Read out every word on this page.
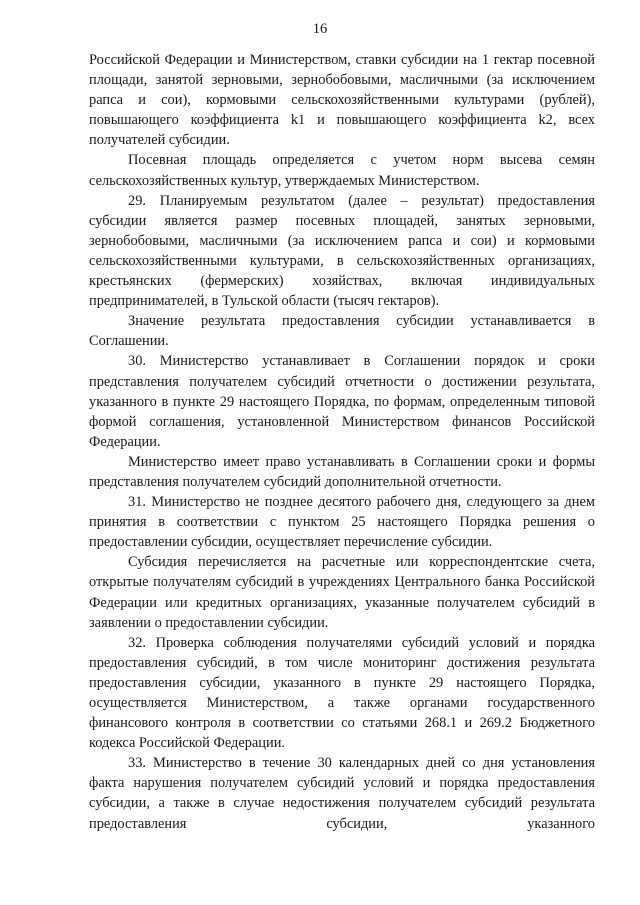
16

Российской Федерации и Министерством, ставки субсидии на 1 гектар посевной площади, занятой зерновыми, зернобобовыми, масличными (за исключением рапса и сои), кормовыми сельскохозяйственными культурами (рублей), повышающего коэффициента k1 и повышающего коэффициента k2, всех получателей субсидии.

Посевная площадь определяется с учетом норм высева семян сельскохозяйственных культур, утверждаемых Министерством.

29. Планируемым результатом (далее – результат) предоставления субсидии является размер посевных площадей, занятых зерновыми, зернобобовыми, масличными (за исключением рапса и сои) и кормовыми сельскохозяйственными культурами, в сельскохозяйственных организациях, крестьянских (фермерских) хозяйствах, включая индивидуальных предпринимателей, в Тульской области (тысяч гектаров).

Значение результата предоставления субсидии устанавливается в Соглашении.

30. Министерство устанавливает в Соглашении порядок и сроки представления получателем субсидий отчетности о достижении результата, указанного в пункте 29 настоящего Порядка, по формам, определенным типовой формой соглашения, установленной Министерством финансов Российской Федерации.

Министерство имеет право устанавливать в Соглашении сроки и формы представления получателем субсидий дополнительной отчетности.

31. Министерство не позднее десятого рабочего дня, следующего за днем принятия в соответствии с пунктом 25 настоящего Порядка решения о предоставлении субсидии, осуществляет перечисление субсидии.

Субсидия перечисляется на расчетные или корреспондентские счета, открытые получателям субсидий в учреждениях Центрального банка Российской Федерации или кредитных организациях, указанные получателем субсидий в заявлении о предоставлении субсидии.

32. Проверка соблюдения получателями субсидий условий и порядка предоставления субсидий, в том числе мониторинг достижения результата предоставления субсидии, указанного в пункте 29 настоящего Порядка, осуществляется Министерством, а также органами государственного финансового контроля в соответствии со статьями 268.1 и 269.2 Бюджетного кодекса Российской Федерации.

33. Министерство в течение 30 календарных дней со дня установления факта нарушения получателем субсидий условий и порядка предоставления субсидии, а также в случае недостижения получателем субсидий результата предоставления субсидии, указанного
